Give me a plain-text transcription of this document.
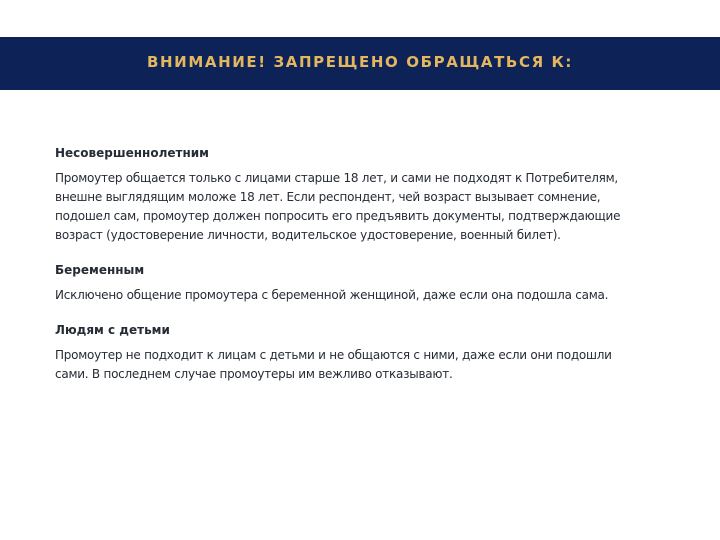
ВНИМАНИЕ! ЗАПРЕЩЕНО ОБРАЩАТЬСЯ К:
Несовершеннолетним
Промоутер общается только с лицами старше 18 лет, и сами не подходят к Потребителям,
внешне выглядящим моложе 18 лет. Если респондент, чей возраст вызывает сомнение,
подошел сам, промоутер должен попросить его предъявить документы, подтверждающие
возраст (удостоверение личности, водительское удостоверение, военный билет).
Беременным
Исключено общение промоутера с беременной женщиной, даже если она подошла сама.
Людям с детьми
Промоутер не подходит к лицам с детьми и не общаются с ними, даже если они подошли
сами. В последнем случае промоутеры им вежливо отказывают.
